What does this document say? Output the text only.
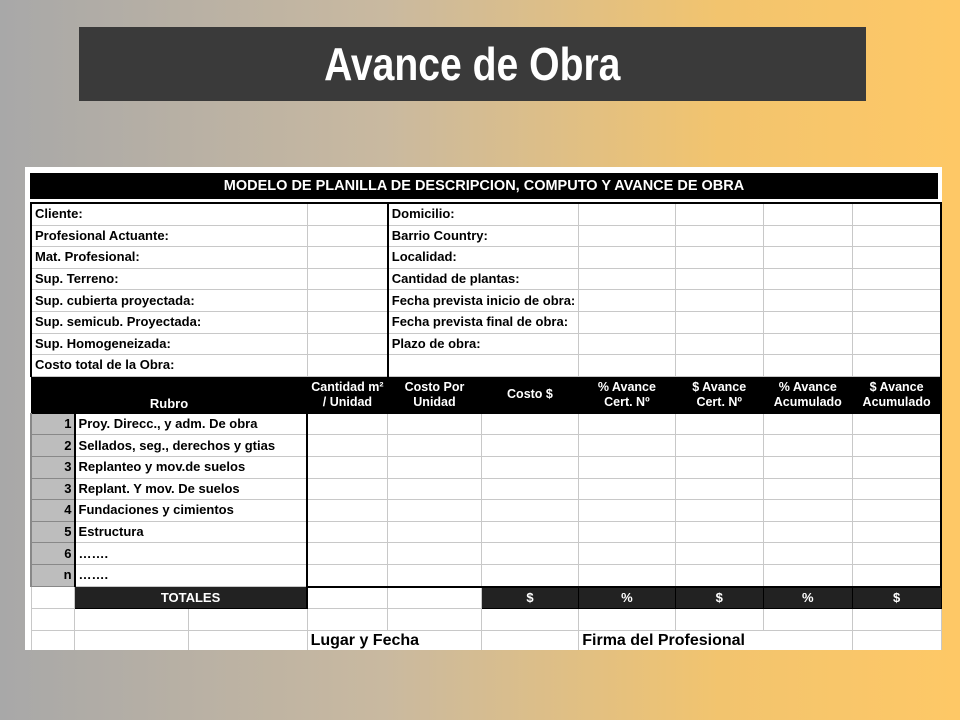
Avance de Obra
MODELO DE PLANILLA DE DESCRIPCION, COMPUTO Y AVANCE DE OBRA
Cliente:				Domicilio:					
Profesional Actuante:				Barrio Country:					
Mat. Profesional:				Localidad:					
Sup. Terreno:				Cantidad de plantas:					
Sup. cubierta proyectada:				Fecha prevista inicio de obra:					
Sup. semicub. Proyectada:				Fecha prevista final de obra:					
Sup. Homogeneizada:				Plazo de obra:					
Costo total de la Obra:									
Rubro			Cantidad m² / Unidad	Costo Por Unidad	Costo $	% Avance Cert. Nº	$ Avance Cert. Nº	% Avance Acumulado	$ Avance Acumulado
1	Proy. Direcc., y adm. De obra								
2	Sellados, seg., derechos y gtias								
3	Replanteo y mov.de suelos								
3	Replant. Y mov. De suelos								
4	Fundaciones y cimientos								
5	Estructura								
6	…….								
n	…….								
	TOTALES				$	%	$	%	$

			Lugar y Fecha			Firma del Profesional			
